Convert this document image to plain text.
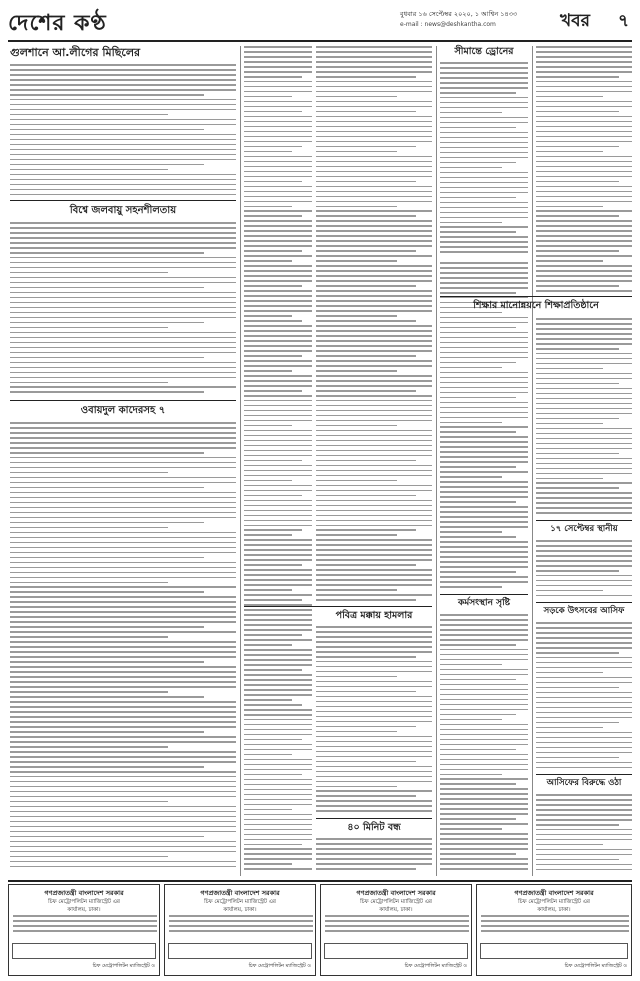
দেশের কণ্ঠ	বুধবার ১৬ সেপ্টেম্বর ২০২০, ১ আশ্বিন ১৪৩৩
e-mail : news@deshkantha.com	খবর ৭
গুলশানে আ.লীগের মিছিলের
বিশ্বে জলবায়ু সহনশীলতায়
ওবায়দুল কাদেরসহ ৭
সীমান্তে ড্রোনের
কর্মসংস্থান সৃষ্টি
শিক্ষার মানোন্নয়নে শিক্ষাপ্রতিষ্ঠানে
১৭ সেপ্টেম্বর স্থানীয়
সড়কে উৎসবের আসিফ
আসিফের বিরুদ্ধে ওঠা
পবিত্র মক্কায় হামলার
৪০ মিনিট বন্ধ
গণপ্রজাতন্ত্রী বাংলাদেশ সরকার
চিফ মেট্রোপলিটন ম্যাজিস্ট্রেট এর
কার্যালয়, ঢাকা।
চিফ মেট্রোপলিটন ম্যাজিস্ট্রেট ও
গণপ্রজাতন্ত্রী বাংলাদেশ সরকার
চিফ মেট্রোপলিটন ম্যাজিস্ট্রেট এর
কার্যালয়, ঢাকা।
চিফ মেট্রোপলিটন ম্যাজিস্ট্রেট ও
গণপ্রজাতন্ত্রী বাংলাদেশ সরকার
চিফ মেট্রোপলিটন ম্যাজিস্ট্রেট এর
কার্যালয়, ঢাকা।
চিফ মেট্রোপলিটন ম্যাজিস্ট্রেট ও
গণপ্রজাতন্ত্রী বাংলাদেশ সরকার
চিফ মেট্রোপলিটন ম্যাজিস্ট্রেট এর
কার্যালয়, ঢাকা।
চিফ মেট্রোপলিটন ম্যাজিস্ট্রেট ও
